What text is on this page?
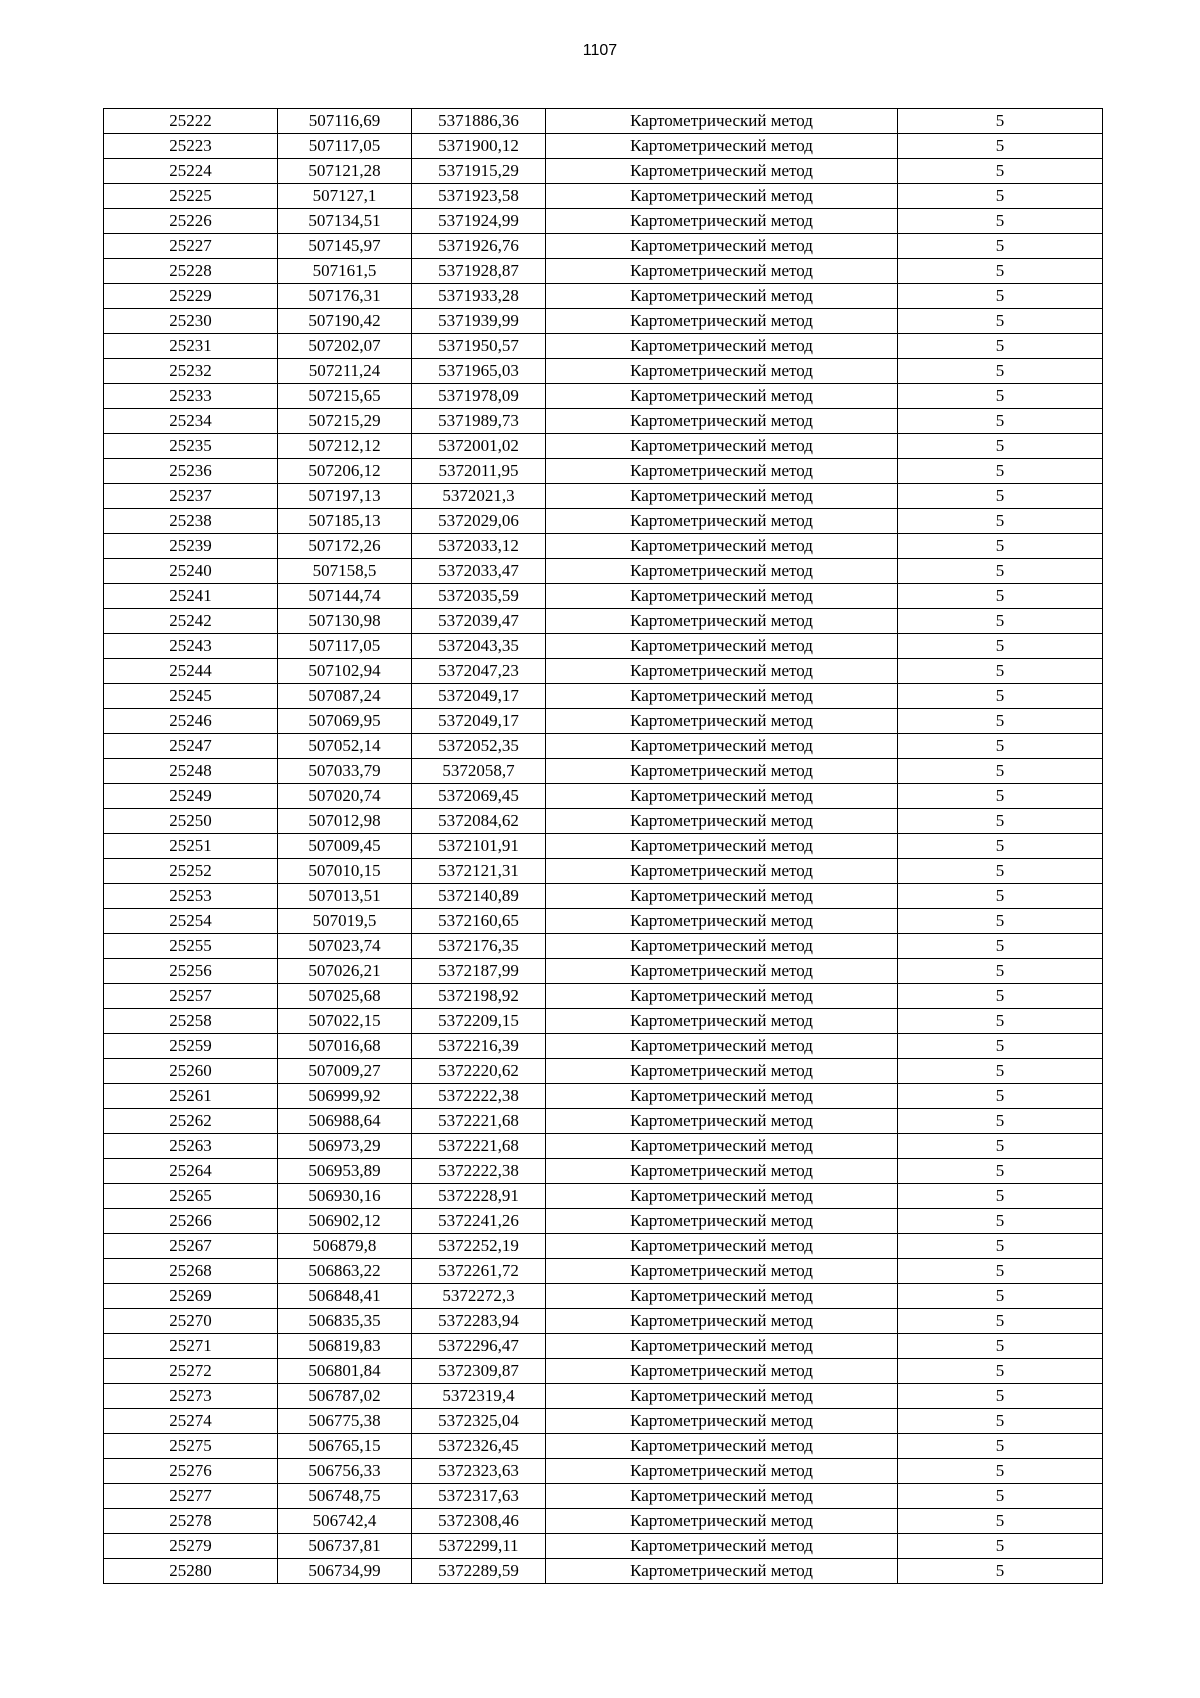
1107
25222	507116,69	5371886,36	Картометрический метод	5
25223	507117,05	5371900,12	Картометрический метод	5
25224	507121,28	5371915,29	Картометрический метод	5
25225	507127,1	5371923,58	Картометрический метод	5
25226	507134,51	5371924,99	Картометрический метод	5
25227	507145,97	5371926,76	Картометрический метод	5
25228	507161,5	5371928,87	Картометрический метод	5
25229	507176,31	5371933,28	Картометрический метод	5
25230	507190,42	5371939,99	Картометрический метод	5
25231	507202,07	5371950,57	Картометрический метод	5
25232	507211,24	5371965,03	Картометрический метод	5
25233	507215,65	5371978,09	Картометрический метод	5
25234	507215,29	5371989,73	Картометрический метод	5
25235	507212,12	5372001,02	Картометрический метод	5
25236	507206,12	5372011,95	Картометрический метод	5
25237	507197,13	5372021,3	Картометрический метод	5
25238	507185,13	5372029,06	Картометрический метод	5
25239	507172,26	5372033,12	Картометрический метод	5
25240	507158,5	5372033,47	Картометрический метод	5
25241	507144,74	5372035,59	Картометрический метод	5
25242	507130,98	5372039,47	Картометрический метод	5
25243	507117,05	5372043,35	Картометрический метод	5
25244	507102,94	5372047,23	Картометрический метод	5
25245	507087,24	5372049,17	Картометрический метод	5
25246	507069,95	5372049,17	Картометрический метод	5
25247	507052,14	5372052,35	Картометрический метод	5
25248	507033,79	5372058,7	Картометрический метод	5
25249	507020,74	5372069,45	Картометрический метод	5
25250	507012,98	5372084,62	Картометрический метод	5
25251	507009,45	5372101,91	Картометрический метод	5
25252	507010,15	5372121,31	Картометрический метод	5
25253	507013,51	5372140,89	Картометрический метод	5
25254	507019,5	5372160,65	Картометрический метод	5
25255	507023,74	5372176,35	Картометрический метод	5
25256	507026,21	5372187,99	Картометрический метод	5
25257	507025,68	5372198,92	Картометрический метод	5
25258	507022,15	5372209,15	Картометрический метод	5
25259	507016,68	5372216,39	Картометрический метод	5
25260	507009,27	5372220,62	Картометрический метод	5
25261	506999,92	5372222,38	Картометрический метод	5
25262	506988,64	5372221,68	Картометрический метод	5
25263	506973,29	5372221,68	Картометрический метод	5
25264	506953,89	5372222,38	Картометрический метод	5
25265	506930,16	5372228,91	Картометрический метод	5
25266	506902,12	5372241,26	Картометрический метод	5
25267	506879,8	5372252,19	Картометрический метод	5
25268	506863,22	5372261,72	Картометрический метод	5
25269	506848,41	5372272,3	Картометрический метод	5
25270	506835,35	5372283,94	Картометрический метод	5
25271	506819,83	5372296,47	Картометрический метод	5
25272	506801,84	5372309,87	Картометрический метод	5
25273	506787,02	5372319,4	Картометрический метод	5
25274	506775,38	5372325,04	Картометрический метод	5
25275	506765,15	5372326,45	Картометрический метод	5
25276	506756,33	5372323,63	Картометрический метод	5
25277	506748,75	5372317,63	Картометрический метод	5
25278	506742,4	5372308,46	Картометрический метод	5
25279	506737,81	5372299,11	Картометрический метод	5
25280	506734,99	5372289,59	Картометрический метод	5
